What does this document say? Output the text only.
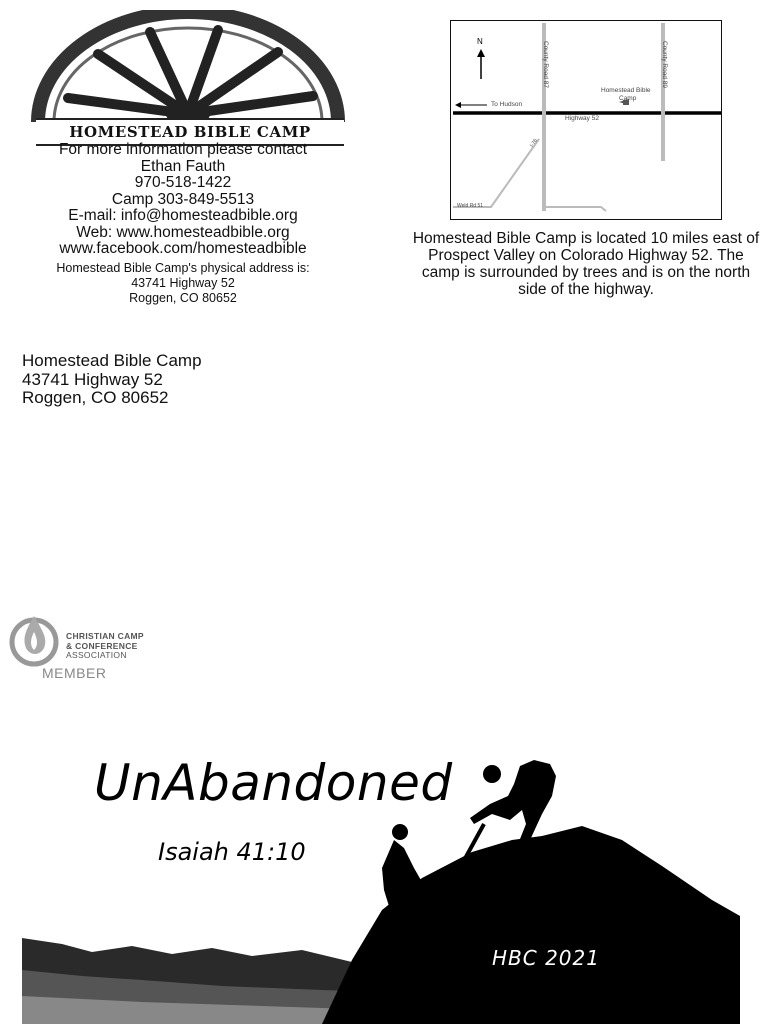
HOMESTEAD BIBLE CAMP
For more information please contact
Ethan Fauth
970-518-1422
Camp 303-849-5513
E-mail: info@homesteadbible.org
Web: www.homesteadbible.org
www.facebook.com/homesteadbible
Homestead Bible Camp's physical address is:
43741 Highway 52
Roggen, CO 80652
N	County Road 87	County Road 89
Homestead Bible
Camp
To Hudson
Highway 52
Weld Rd 51
I-76
Homestead Bible Camp is located 10 miles east of Prospect Valley on Colorado Highway 52. The camp is surrounded by trees and is on the north side of the highway.
Homestead Bible Camp
43741 Highway 52
Roggen, CO 80652
CHRISTIAN CAMP
& CONFERENCE
ASSOCIATION
MEMBER
UnAbandoned
Isaiah 41:10
HBC 2021
